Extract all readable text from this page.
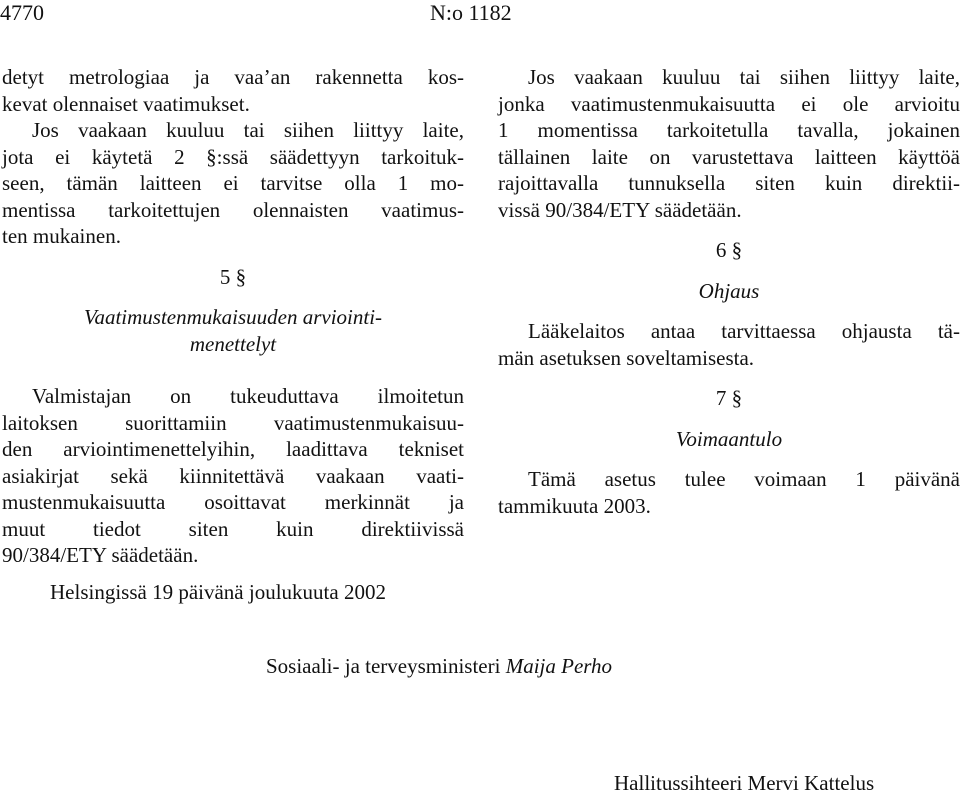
4770	N:o 1182
detyt metrologiaa ja vaa’an rakennetta kos-
kevat olennaiset vaatimukset.
Jos vaakaan kuuluu tai siihen liittyy laite,
jota ei käytetä 2 §:ssä säädettyyn tarkoituk-
seen, tämän laitteen ei tarvitse olla 1 mo-
mentissa tarkoitettujen olennaisten vaatimus-
ten mukainen.
5 §
Vaatimustenmukaisuuden arviointi-
menettelyt
Valmistajan on tukeuduttava ilmoitetun
laitoksen suorittamiin vaatimustenmukaisuu-
den arviointimenettelyihin, laadittava tekniset
asiakirjat sekä kiinnitettävä vaakaan vaati-
mustenmukaisuutta osoittavat merkinnät ja
muut tiedot siten kuin direktiivissä
90/384/ETY säädetään.
Jos vaakaan kuuluu tai siihen liittyy laite,
jonka vaatimustenmukaisuutta ei ole arvioitu
1 momentissa tarkoitetulla tavalla, jokainen
tällainen laite on varustettava laitteen käyttöä
rajoittavalla tunnuksella siten kuin direktii-
vissä 90/384/ETY säädetään.
6 §
Ohjaus
Lääkelaitos antaa tarvittaessa ohjausta tä-
män asetuksen soveltamisesta.
7 §
Voimaantulo
Tämä asetus tulee voimaan 1 päivänä
tammikuuta 2003.
Helsingissä 19 päivänä joulukuuta 2002
Sosiaali- ja terveysministeri Maija Perho
Hallitussihteeri Mervi Kattelus
